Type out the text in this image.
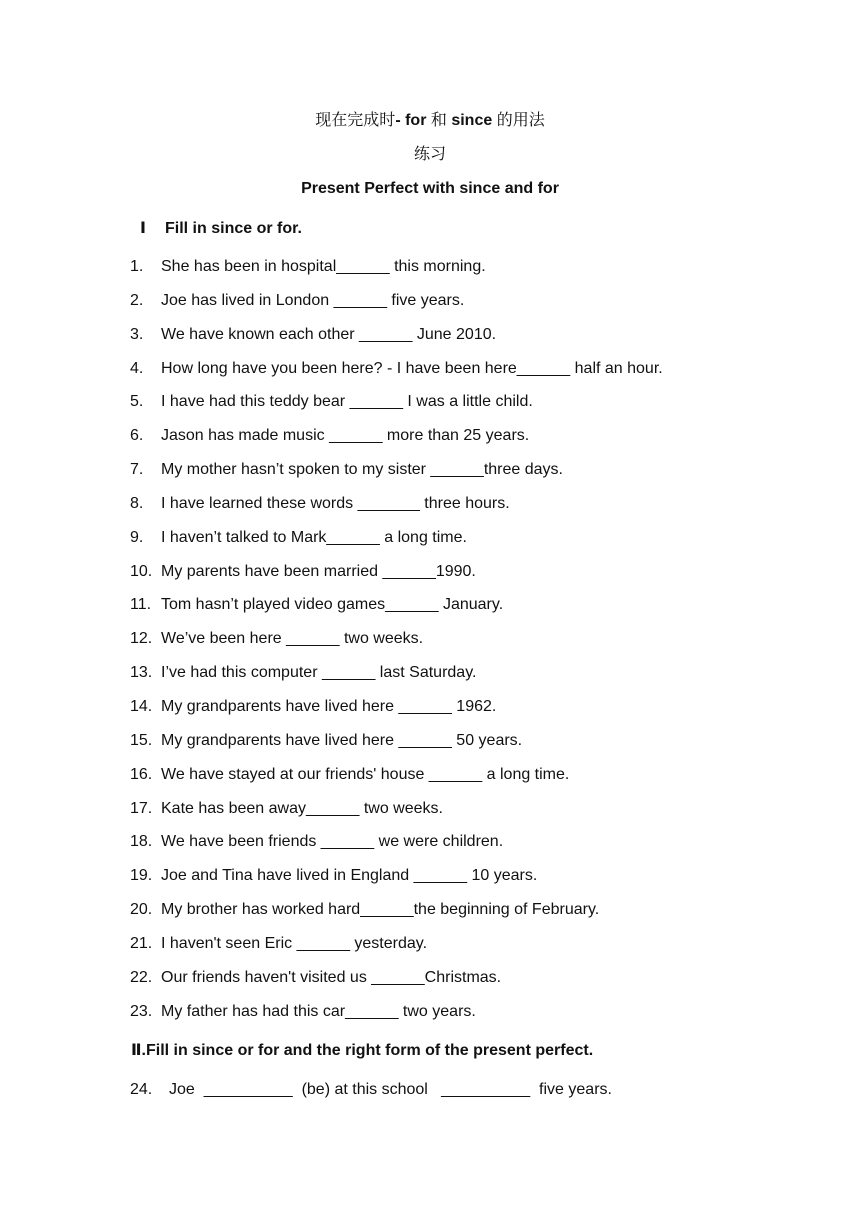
现在完成时- for 和 since 的用法
练习
Present Perfect with since and for
Ⅰ Fill in since or for.
1. She has been in hospital______ this morning.
2. Joe has lived in London ______ five years.
3. We have known each other ______ June 2010.
4. How long have you been here? - I have been here______ half an hour.
5. I have had this teddy bear ______ I was a little child.
6. Jason has made music ______ more than 25 years.
7. My mother hasn’t spoken to my sister ______three days.
8. I have learned these words _______ three hours.
9. I haven’t talked to Mark______ a long time.
10. My parents have been married ______1990.
11. Tom hasn’t played video games______ January.
12. We’ve been here ______ two weeks.
13. I’ve had this computer ______ last Saturday.
14. My grandparents have lived here ______ 1962.
15. My grandparents have lived here ______ 50 years.
16. We have stayed at our friends' house ______ a long time.
17. Kate has been away______ two weeks.
18. We have been friends ______ we were children.
19. Joe and Tina have lived in England ______ 10 years.
20. My brother has worked hard______the beginning of February.
21. I haven't seen Eric ______ yesterday.
22. Our friends haven't visited us ______Christmas.
23. My father has had this car______ two years.
Ⅱ.Fill in since or for and the right form of the present perfect.
24. Joe  __________  (be) at this school   __________  five years.
